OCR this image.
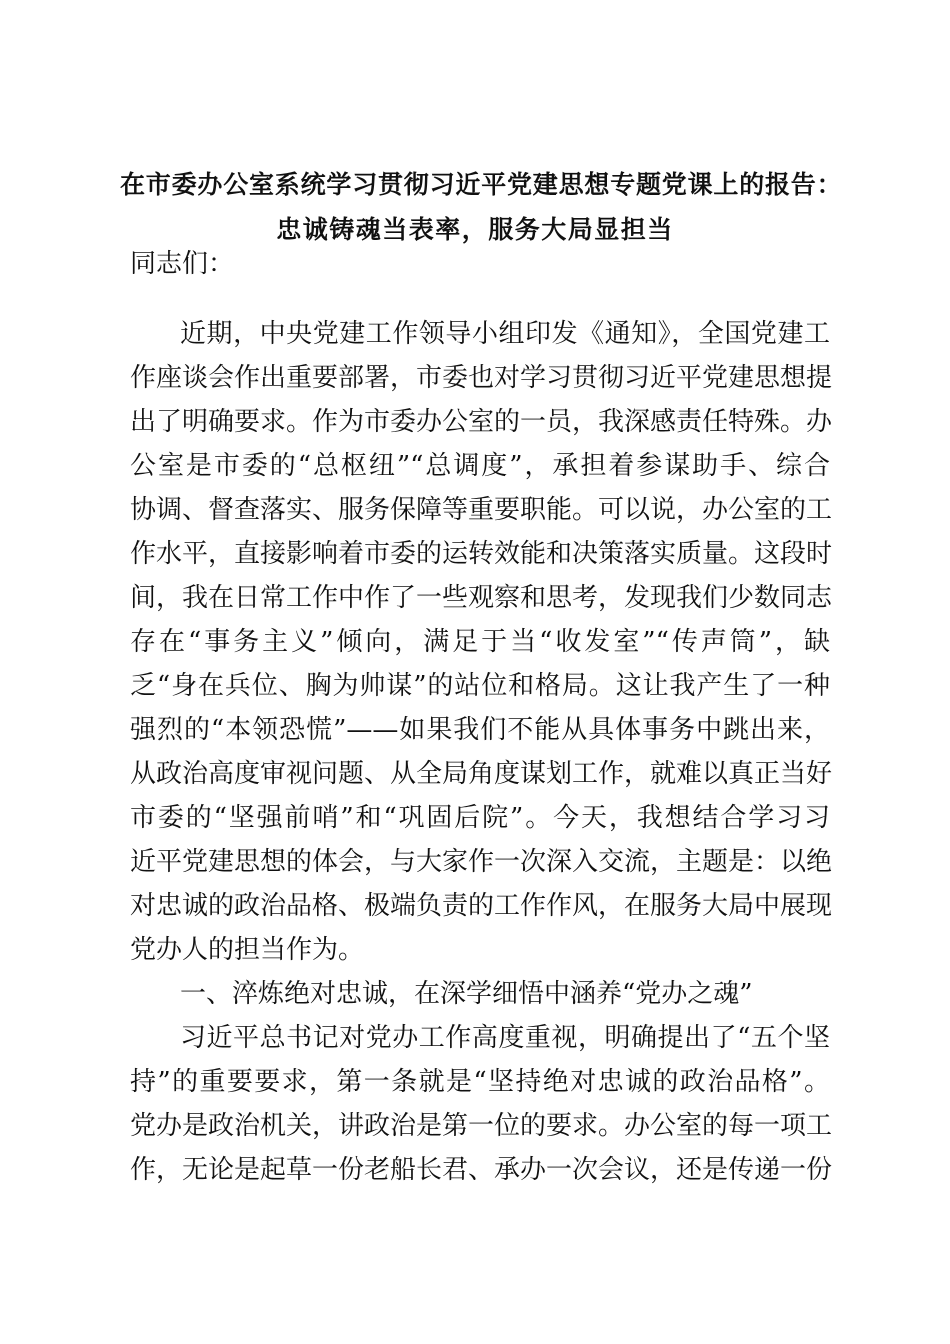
在市委办公室系统学习贯彻习近平党建思想专题党课上的报告：
忠诚铸魂当表率，服务大局显担当
同志们：
近期，中央党建工作领导小组印发《通知》，全国党建工
作座谈会作出重要部署，市委也对学习贯彻习近平党建思想提
出了明确要求。作为市委办公室的一员，我深感责任特殊。办
公室是市委的“总枢纽”“总调度”，承担着参谋助手、综合
协调、督查落实、服务保障等重要职能。可以说，办公室的工
作水平，直接影响着市委的运转效能和决策落实质量。这段时
间，我在日常工作中作了一些观察和思考，发现我们少数同志
存在“事务主义”倾向，满足于当“收发室”“传声筒”，缺
乏“身在兵位、胸为帅谋”的站位和格局。这让我产生了一种
强烈的“本领恐慌”——如果我们不能从具体事务中跳出来，
从政治高度审视问题、从全局角度谋划工作，就难以真正当好
市委的“坚强前哨”和“巩固后院”。今天，我想结合学习习
近平党建思想的体会，与大家作一次深入交流，主题是：以绝
对忠诚的政治品格、极端负责的工作作风，在服务大局中展现
党办人的担当作为。
一、淬炼绝对忠诚，在深学细悟中涵养“党办之魂”
习近平总书记对党办工作高度重视，明确提出了“五个坚
持”的重要要求，第一条就是“坚持绝对忠诚的政治品格”。
党办是政治机关，讲政治是第一位的要求。办公室的每一项工
作，无论是起草一份老船长君、承办一次会议，还是传递一份
